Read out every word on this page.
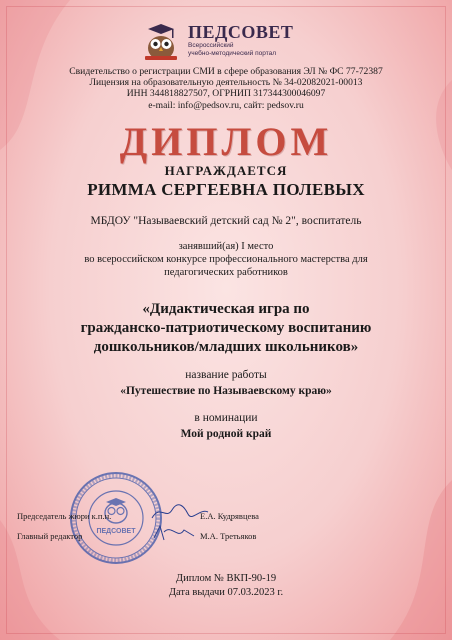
ПЕДСОВЕТ
Всероссийский
учебно-методический портал
Свидетельство о регистрации СМИ в сфере образования ЭЛ № ФС 77-72387
Лицензия на образовательную деятельность № 34-02082021-00013
ИНН 344818827507, ОГРНИП 317344300046097
e-mail: info@pedsov.ru, сайт: pedsov.ru
ДИПЛОМ
НАГРАЖДАЕТСЯ
РИММА СЕРГЕЕВНА ПОЛЕВЫХ
МБДОУ "Называевский детский сад № 2", воспитатель
занявший(ая) I место
во всероссийском конкурсе профессионального мастерства для
педагогических работников
«Дидактическая игра по
гражданско-патриотическому воспитанию
дошкольников/младших школьников»
название работы
«Путешествие по Называевскому краю»
в номинации
Мой родной край
ПЕДСОВЕТ
Председатель жюри к.п.н.	Е.А. Кудрявцева
Главный редактор	М.А. Третьяков
Диплом № ВКП-90-19
Дата выдачи 07.03.2023 г.
